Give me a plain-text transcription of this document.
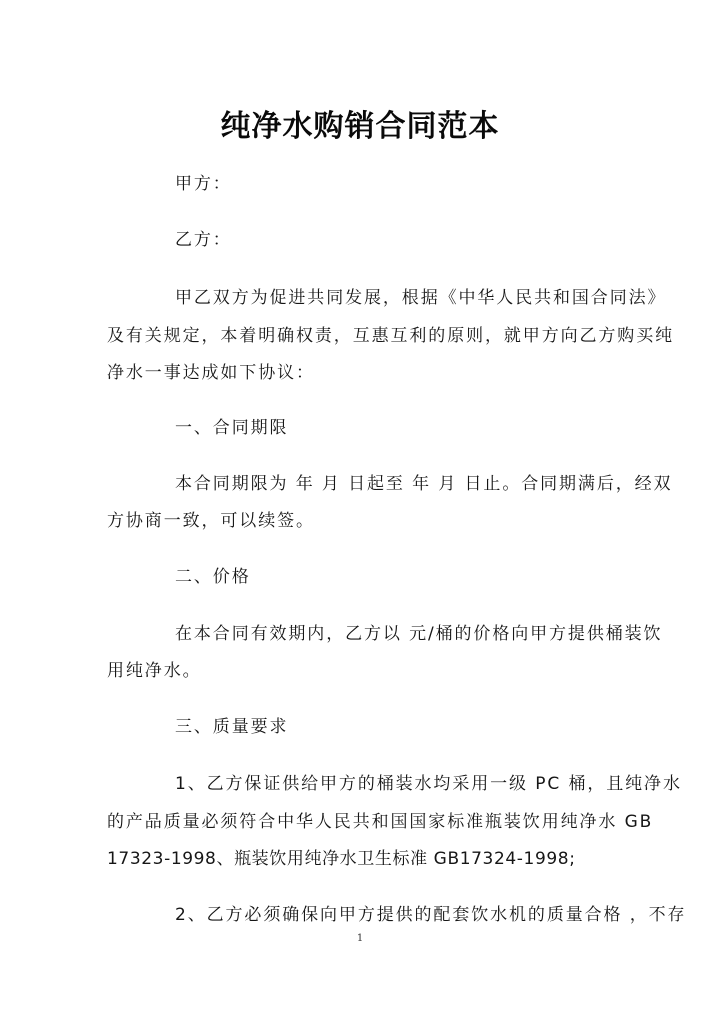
纯净水购销合同范本
甲方：
乙方：
甲乙双方为促进共同发展，根据《中华人民共和国合同法》
及有关规定，本着明确权责，互惠互利的原则，就甲方向乙方购买纯
净水一事达成如下协议：
一、合同期限
本合同期限为 年 月 日起至 年 月 日止。合同期满后，经双
方协商一致，可以续签。
二、价格
在本合同有效期内，乙方以 元/桶的价格向甲方提供桶装饮
用纯净水。
三、质量要求
1、乙方保证供给甲方的桶装水均采用一级 PC 桶，且纯净水
的产品质量必须符合中华人民共和国国家标准瓶装饮用纯净水 GB
17323-1998、瓶装饮用纯净水卫生标准 GB17324-1998;
2、乙方必须确保向甲方提供的配套饮水机的质量合格 ，不存
1
